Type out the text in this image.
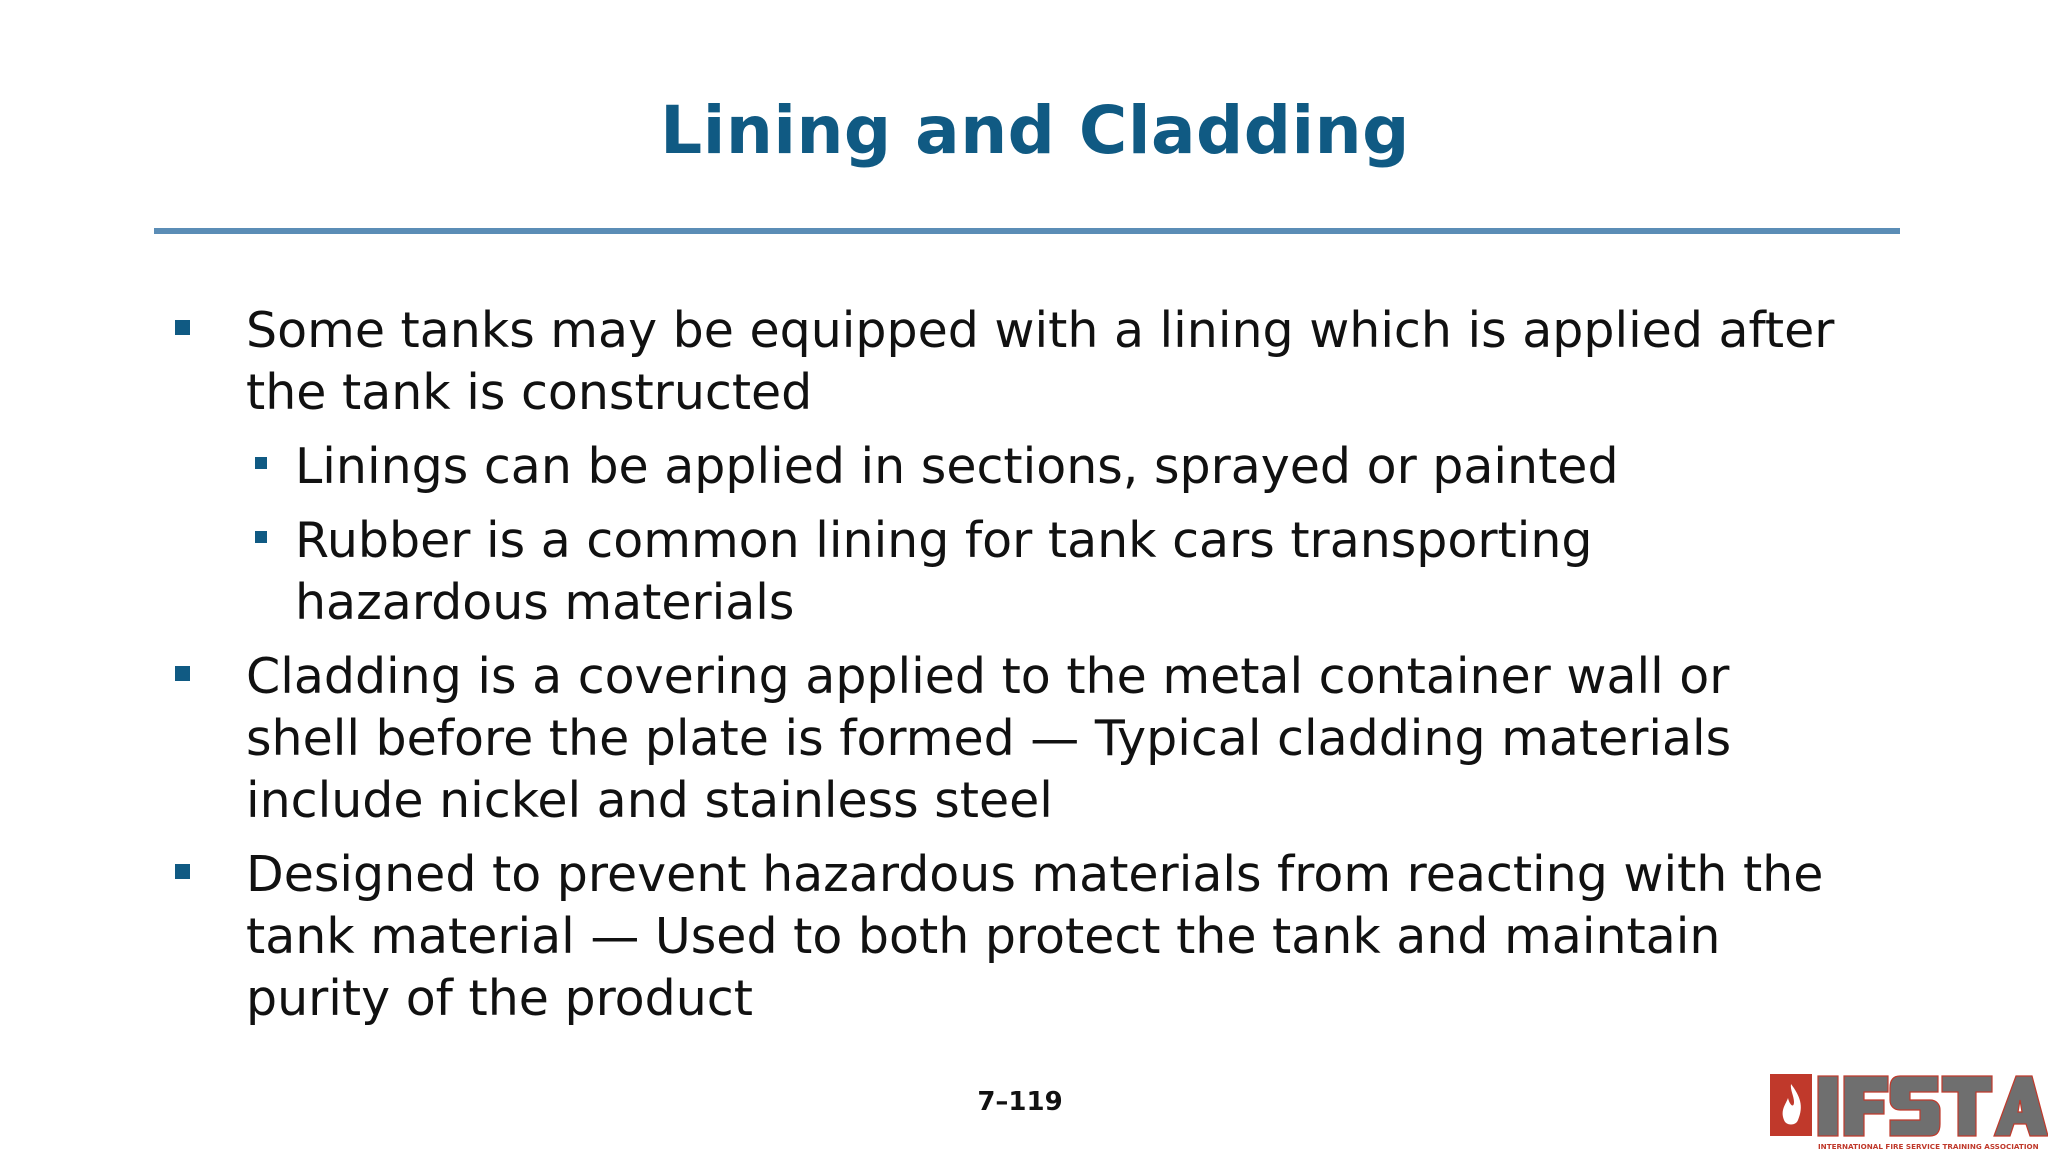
Lining and Cladding
Some tanks may be equipped with a lining which is applied after the tank is constructed
Linings can be applied in sections, sprayed or painted
Rubber is a common lining for tank cars transporting hazardous materials
Cladding is a covering applied to the metal container wall or shell before the plate is formed — Typical cladding materials include nickel and stainless steel
Designed to prevent hazardous materials from reacting with the tank material — Used to both protect the tank and maintain purity of the product
7–119
INTERNATIONAL FIRE SERVICE TRAINING ASSOCIATION
